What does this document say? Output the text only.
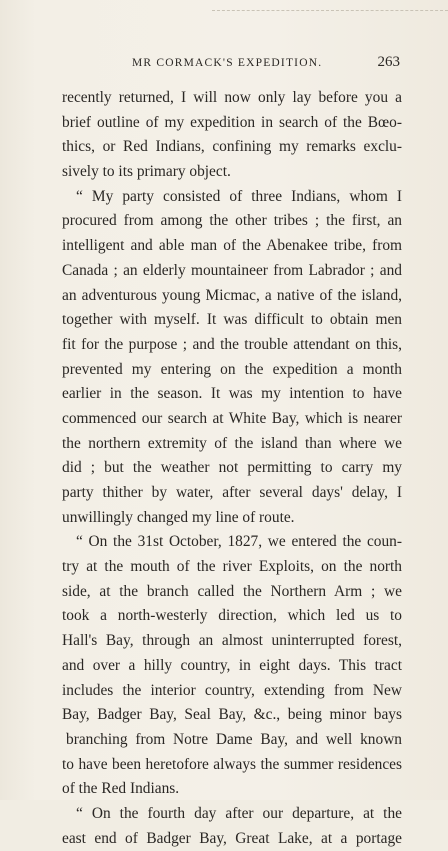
MR CORMACK'S EXPEDITION.	263
recently returned, I will now only lay before you a
brief outline of my expedition in search of the Bœo-
thics, or Red Indians, confining my remarks exclu-
sively to its primary object.
“ My party consisted of three Indians, whom I
procured from among the other tribes ; the first, an
intelligent and able man of the Abenakee tribe, from
Canada ; an elderly mountaineer from Labrador ; and
an adventurous young Micmac, a native of the island,
together with myself. It was difficult to obtain men
fit for the purpose ; and the trouble attendant on this,
prevented my entering on the expedition a month
earlier in the season. It was my intention to have
commenced our search at White Bay, which is nearer
the northern extremity of the island than where we
did ; but the weather not permitting to carry my
party thither by water, after several days' delay, I
unwillingly changed my line of route.
“ On the 31st October, 1827, we entered the coun-
try at the mouth of the river Exploits, on the north
side, at the branch called the Northern Arm ; we
took a north-westerly direction, which led us to
Hall's Bay, through an almost uninterrupted forest,
and over a hilly country, in eight days. This tract
includes the interior country, extending from New
Bay, Badger Bay, Seal Bay, &c., being minor bays
branching from Notre Dame Bay, and well known
to have been heretofore always the summer residences
of the Red Indians.
“ On the fourth day after our departure, at the
east end of Badger Bay, Great Lake, at a portage
